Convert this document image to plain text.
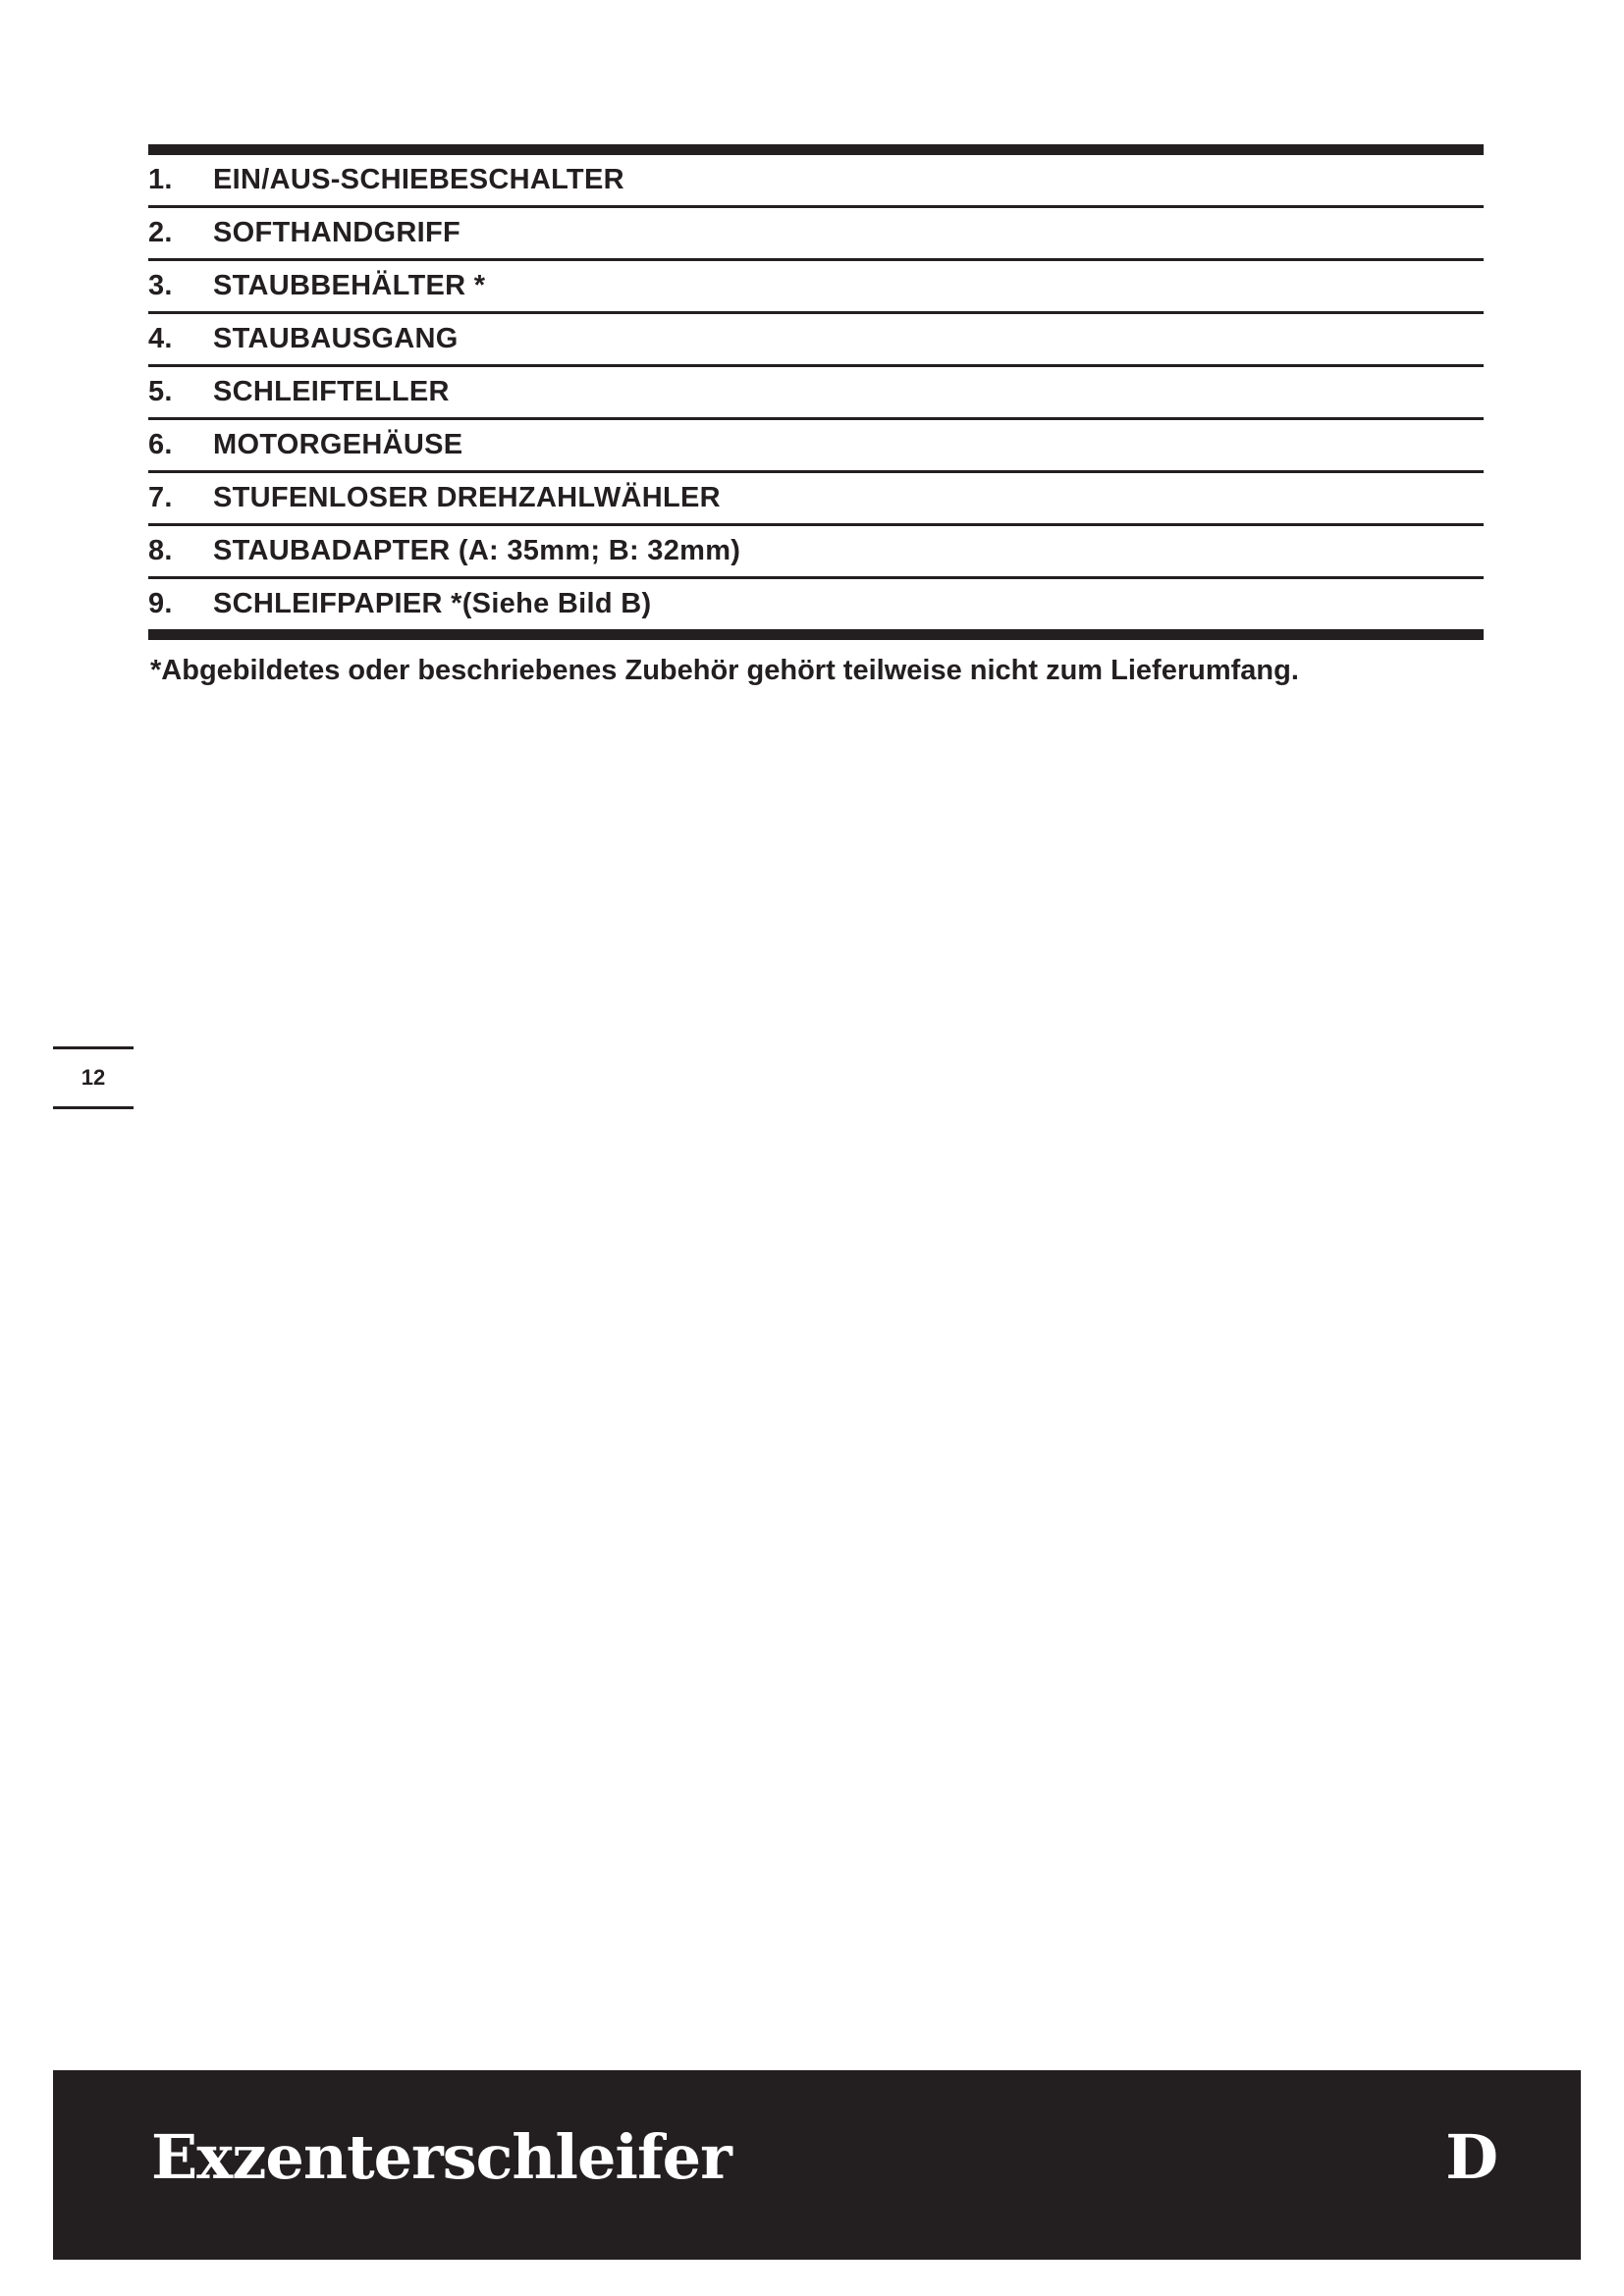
1.	EIN/AUS-SCHIEBESCHALTER
2.	SOFTHANDGRIFF
3.	STAUBBEHÄLTER *
4.	STAUBAUSGANG
5.	SCHLEIFTELLER
6.	MOTORGEHÄUSE
7.	STUFENLOSER DREHZAHLWÄHLER
8.	STAUBADAPTER (A: 35mm; B: 32mm)
9.	SCHLEIFPAPIER *(Siehe Bild B)

*Abgebildetes oder beschriebenes Zubehör gehört teilweise nicht zum Lieferumfang.

12
Exzenterschleifer	D
